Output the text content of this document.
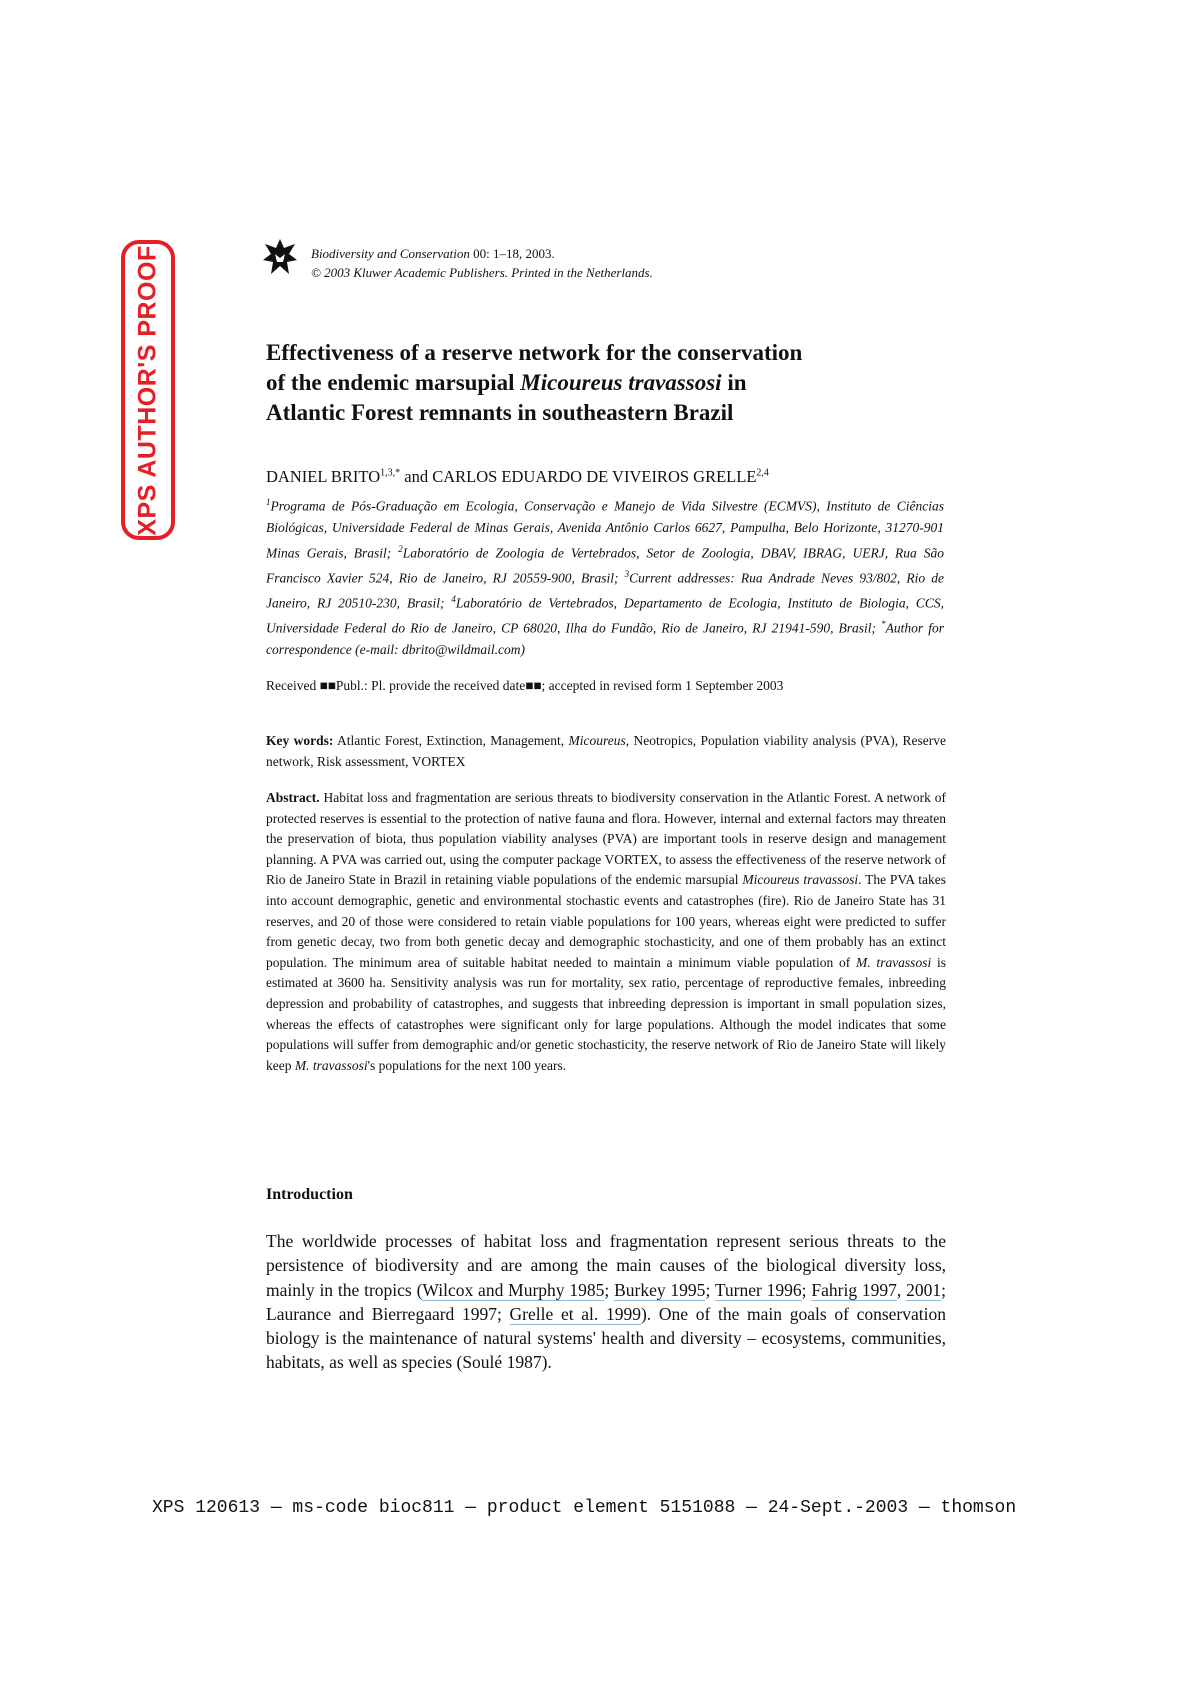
XPS AUTHOR'S PROOF	Biodiversity and Conservation 00: 1–18, 2003.
© 2003 Kluwer Academic Publishers. Printed in the Netherlands.
Effectiveness of a reserve network for the conservation
of the endemic marsupial Micoureus travassosi in
Atlantic Forest remnants in southeastern Brazil
DANIEL $BRITO^{1,3,*}$ and CARLOS EDUARDO DE VIVEIROS GRELLE$^{2,4}$
$^1$Programa de Pós-Graduação em Ecologia, Conservação e Manejo de Vida Silvestre (ECMVS), Instituto de Ciências Biológicas, Universidade Federal de Minas Gerais, Avenida Antônio Carlos 6627, Pampulha, Belo Horizonte, 31270-901 Minas Gerais, Brasil; $^2$Laboratório de Zoologia de Vertebrados, Setor de Zoologia, DBAV, IBRAG, UERJ, Rua São Francisco Xavier 524, Rio de Janeiro, RJ 20559-900, Brasil; $^3$Current addresses: Rua Andrade Neves 93/802, Rio de Janeiro, RJ 20510-230, Brasil; $^4$Laboratório de Vertebrados, Departamento de Ecologia, Instituto de Biologia, CCS, Universidade Federal do Rio de Janeiro, CP 68020, Ilha do Fundão, Rio de Janeiro, RJ 21941-590, Brasil; *Author for correspondence (e-mail: dbrito@wildmail.com)
Received ■■Publ.: Pl. provide the received date■■; accepted in revised form 1 September 2003
Key words: Atlantic Forest, Extinction, Management, Micoureus, Neotropics, Population viability analysis (PVA), Reserve network, Risk assessment, VORTEX
Abstract. Habitat loss and fragmentation are serious threats to biodiversity conservation in the Atlantic Forest. A network of protected reserves is essential to the protection of native fauna and flora. However, internal and external factors may threaten the preservation of biota, thus population viability analyses (PVA) are important tools in reserve design and management planning. A PVA was carried out, using the computer package VORTEX, to assess the effectiveness of the reserve network of Rio de Janeiro State in Brazil in retaining viable populations of the endemic marsupial Micoureus travassosi. The PVA takes into account demographic, genetic and environmental stochastic events and catastrophes (fire). Rio de Janeiro State has 31 reserves, and 20 of those were considered to retain viable populations for 100 years, whereas eight were predicted to suffer from genetic decay, two from both genetic decay and demographic stochasticity, and one of them probably has an extinct population. The minimum area of suitable habitat needed to maintain a minimum viable population of M. travassosi is estimated at 3600 ha. Sensitivity analysis was run for mortality, sex ratio, percentage of reproductive females, inbreeding depression and probability of catastrophes, and suggests that inbreeding depression is important in small population sizes, whereas the effects of catastrophes were significant only for large populations. Although the model indicates that some populations will suffer from demographic and/or genetic stochasticity, the reserve network of Rio de Janeiro State will likely keep M. travassosi's populations for the next 100 years.
Introduction
The worldwide processes of habitat loss and fragmentation represent serious threats to the persistence of biodiversity and are among the main causes of the biological diversity loss, mainly in the tropics (Wilcox and Murphy 1985; Burkey 1995; Turner 1996; Fahrig 1997, 2001; Laurance and Bierregaard 1997; Grelle et al. 1999). One of the main goals of conservation biology is the maintenance of natural systems' health and diversity – ecosystems, communities, habitats, as well as species (Soulé 1987).
XPS 120613 — ms-code bioc811 — product element 5151088 — 24-Sept.-2003 — thomson
